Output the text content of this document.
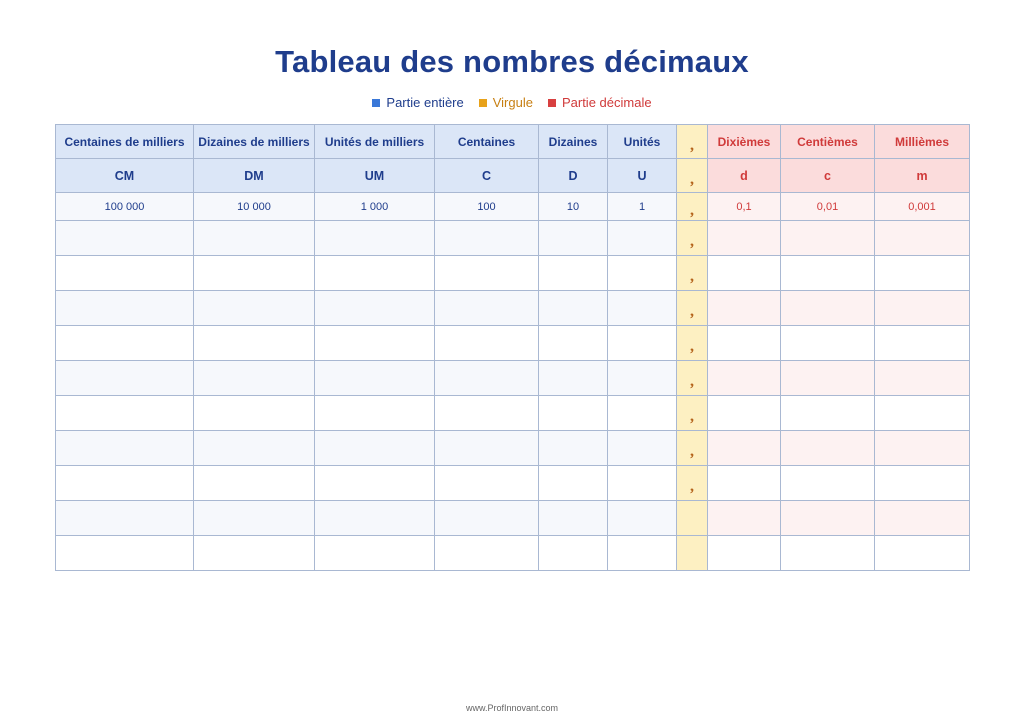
Tableau des nombres décimaux
Partie entière Virgule Partie décimale
Centaines de milliers	Dizaines de milliers	Unités de milliers	Centaines	Dizaines	Unités	,	Dixièmes	Centièmes	Millièmes
CM	DM	UM	C	D	U	,	d	c	m
100 000	10 000	1 000	100	10	1	,	0,1	0,01	0,001
						,			
						,			
						,			
						,			
						,			
						,			
						,			
						,			

www.ProfInnovant.com
